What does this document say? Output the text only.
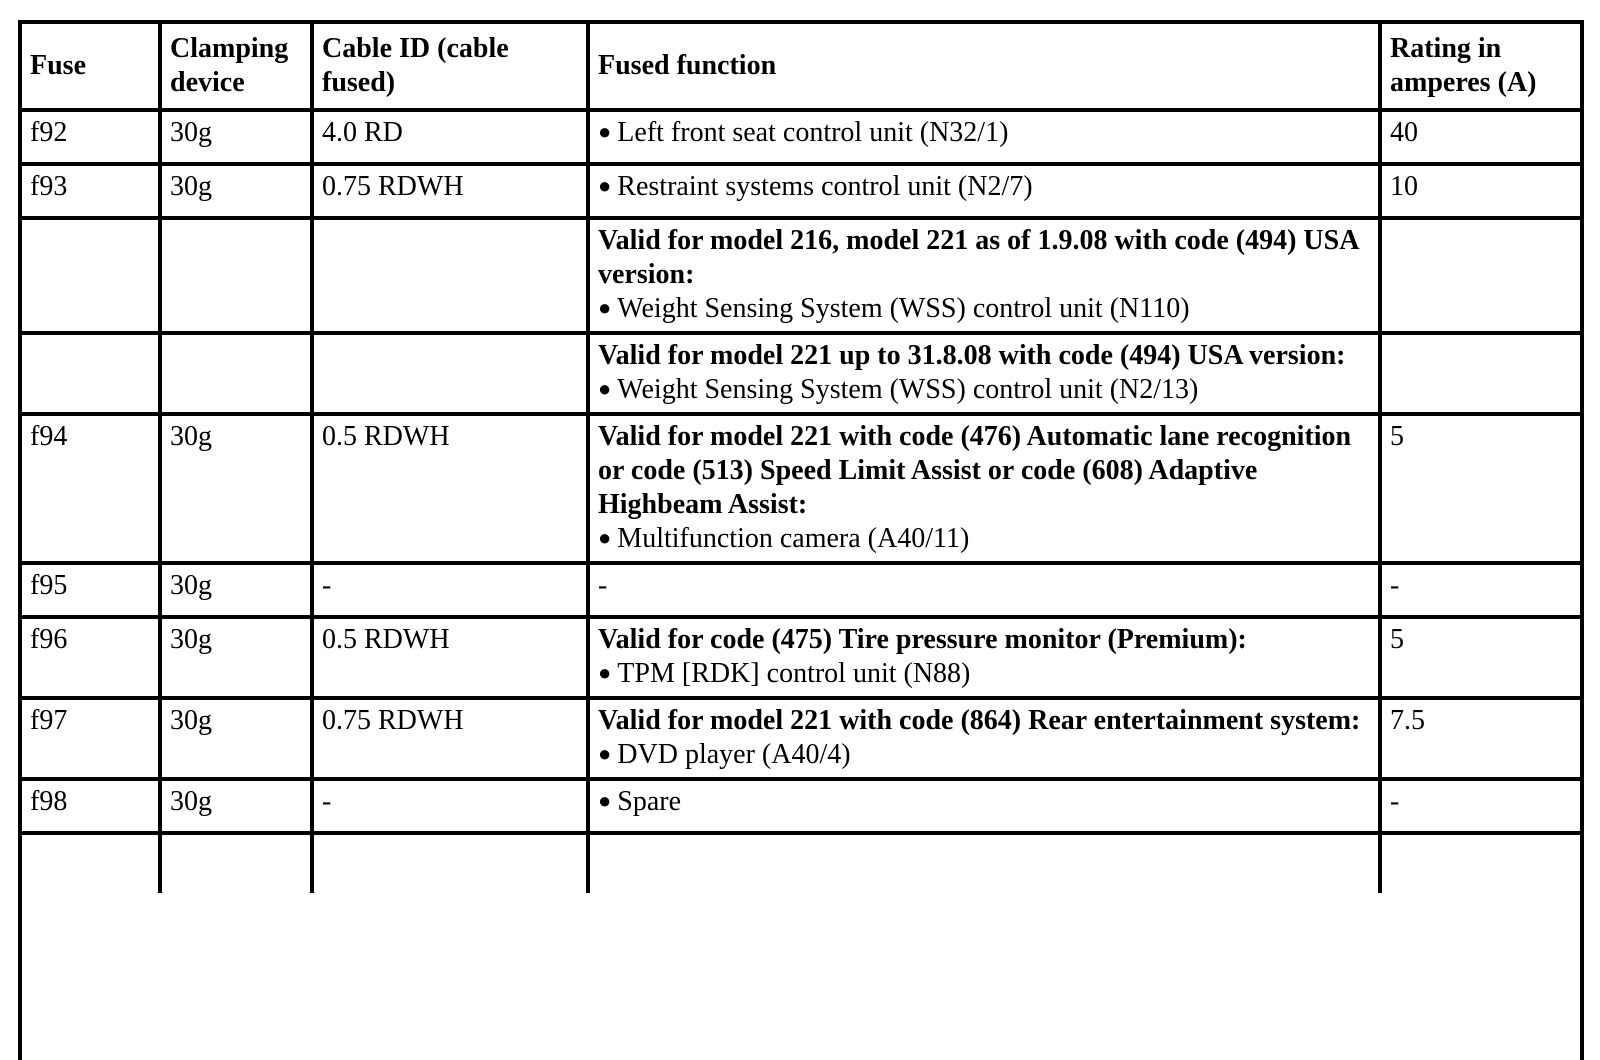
Fuse	Clamping device	Cable ID (cable fused)	Fused function	Rating in amperes (A)
f92	30g	4.0 RD	● Left front seat control unit (N32/1)	40
f93	30g	0.75 RDWH	● Restraint systems control unit (N2/7)	10

			Valid for model 216, model 221 as of 1.9.08 with code (494) USA version:
● Weight Sensing System (WSS) control unit (N110)

			Valid for model 221 up to 31.8.08 with code (494) USA version:
● Weight Sensing System (WSS) control unit (N2/13)

f94	30g	0.5 RDWH	Valid for model 221 with code (476) Automatic lane recognition or code (513) Speed Limit Assist or code (608) Adaptive Highbeam Assist:
● Multifunction camera (A40/11)	5
f95	30g	-	-	-
f96	30g	0.5 RDWH	Valid for code (475) Tire pressure monitor (Premium):
● TPM [RDK] control unit (N88)	5
f97	30g	0.75 RDWH	Valid for model 221 with code (864) Rear entertainment system:
● DVD player (A40/4)	7.5
f98	30g	-	● Spare	-
